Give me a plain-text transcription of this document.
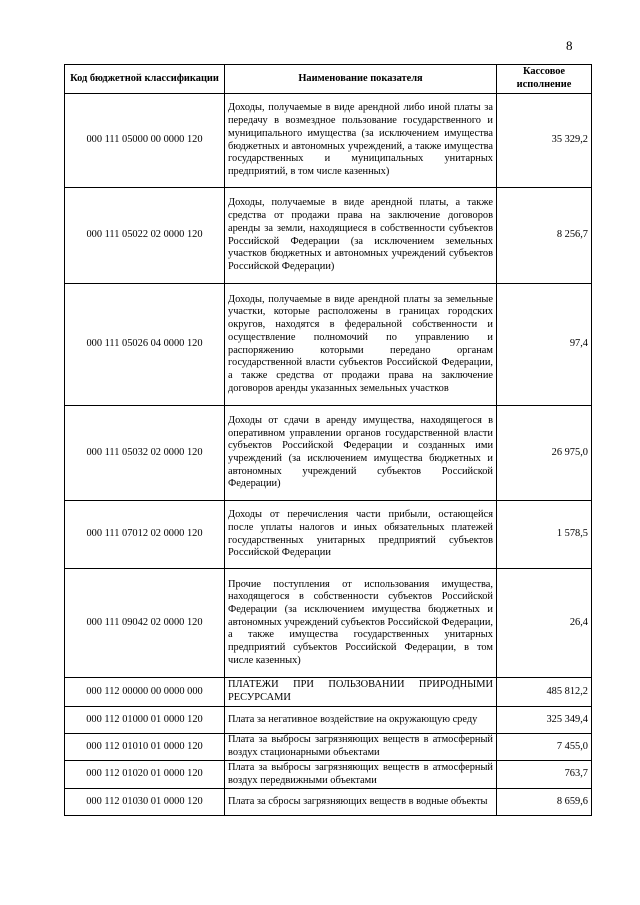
8
Код бюджетной классификации	Наименование показателя	Кассовое исполнение
000 111 05000 00 0000 120	Доходы, получаемые в виде арендной либо иной платы за передачу в возмездное пользование государственного и муниципального имущества (за исключением имущества бюджетных и автономных учреждений, а также имущества государственных и муниципальных унитарных предприятий, в том числе казенных)	35 329,2
000 111 05022 02 0000 120	Доходы, получаемые в виде арендной платы, а также средства от продажи права на заключение договоров аренды за земли, находящиеся в собственности субъектов Российской Федерации (за исключением земельных участков бюджетных и автономных учреждений субъектов Российской Федерации)	8 256,7
000 111 05026 04 0000 120	Доходы, получаемые в виде арендной платы за земельные участки, которые расположены в границах городских округов, находятся в федеральной собственности и осуществление полномочий по управлению и распоряжению которыми передано органам государственной власти субъектов Российской Федерации, а также средства от продажи права на заключение договоров аренды указанных земельных участков	97,4
000 111 05032 02 0000 120	Доходы от сдачи в аренду имущества, находящегося в оперативном управлении органов государственной власти субъектов Российской Федерации и созданных ими учреждений (за исключением имущества бюджетных и автономных учреждений субъектов Российской Федерации)	26 975,0
000 111 07012 02 0000 120	Доходы от перечисления части прибыли, остающейся после уплаты налогов и иных обязательных платежей государственных унитарных предприятий субъектов Российской Федерации	1 578,5
000 111 09042 02 0000 120	Прочие поступления от использования имущества, находящегося в собственности субъектов Российской Федерации (за исключением имущества бюджетных и автономных учреждений субъектов Российской Федерации, а также имущества государственных унитарных предприятий субъектов Российской Федерации, в том числе казенных)	26,4
000 112 00000 00 0000 000	ПЛАТЕЖИ ПРИ ПОЛЬЗОВАНИИ ПРИРОДНЫМИ РЕСУРСАМИ	485 812,2
000 112 01000 01 0000 120	Плата за негативное воздействие на окружающую среду	325 349,4
000 112 01010 01 0000 120	Плата за выбросы загрязняющих веществ в атмосферный воздух стационарными объектами	7 455,0
000 112 01020 01 0000 120	Плата за выбросы загрязняющих веществ в атмосферный воздух передвижными объектами	763,7
000 112 01030 01 0000 120	Плата за сбросы загрязняющих веществ в водные объекты	8 659,6
